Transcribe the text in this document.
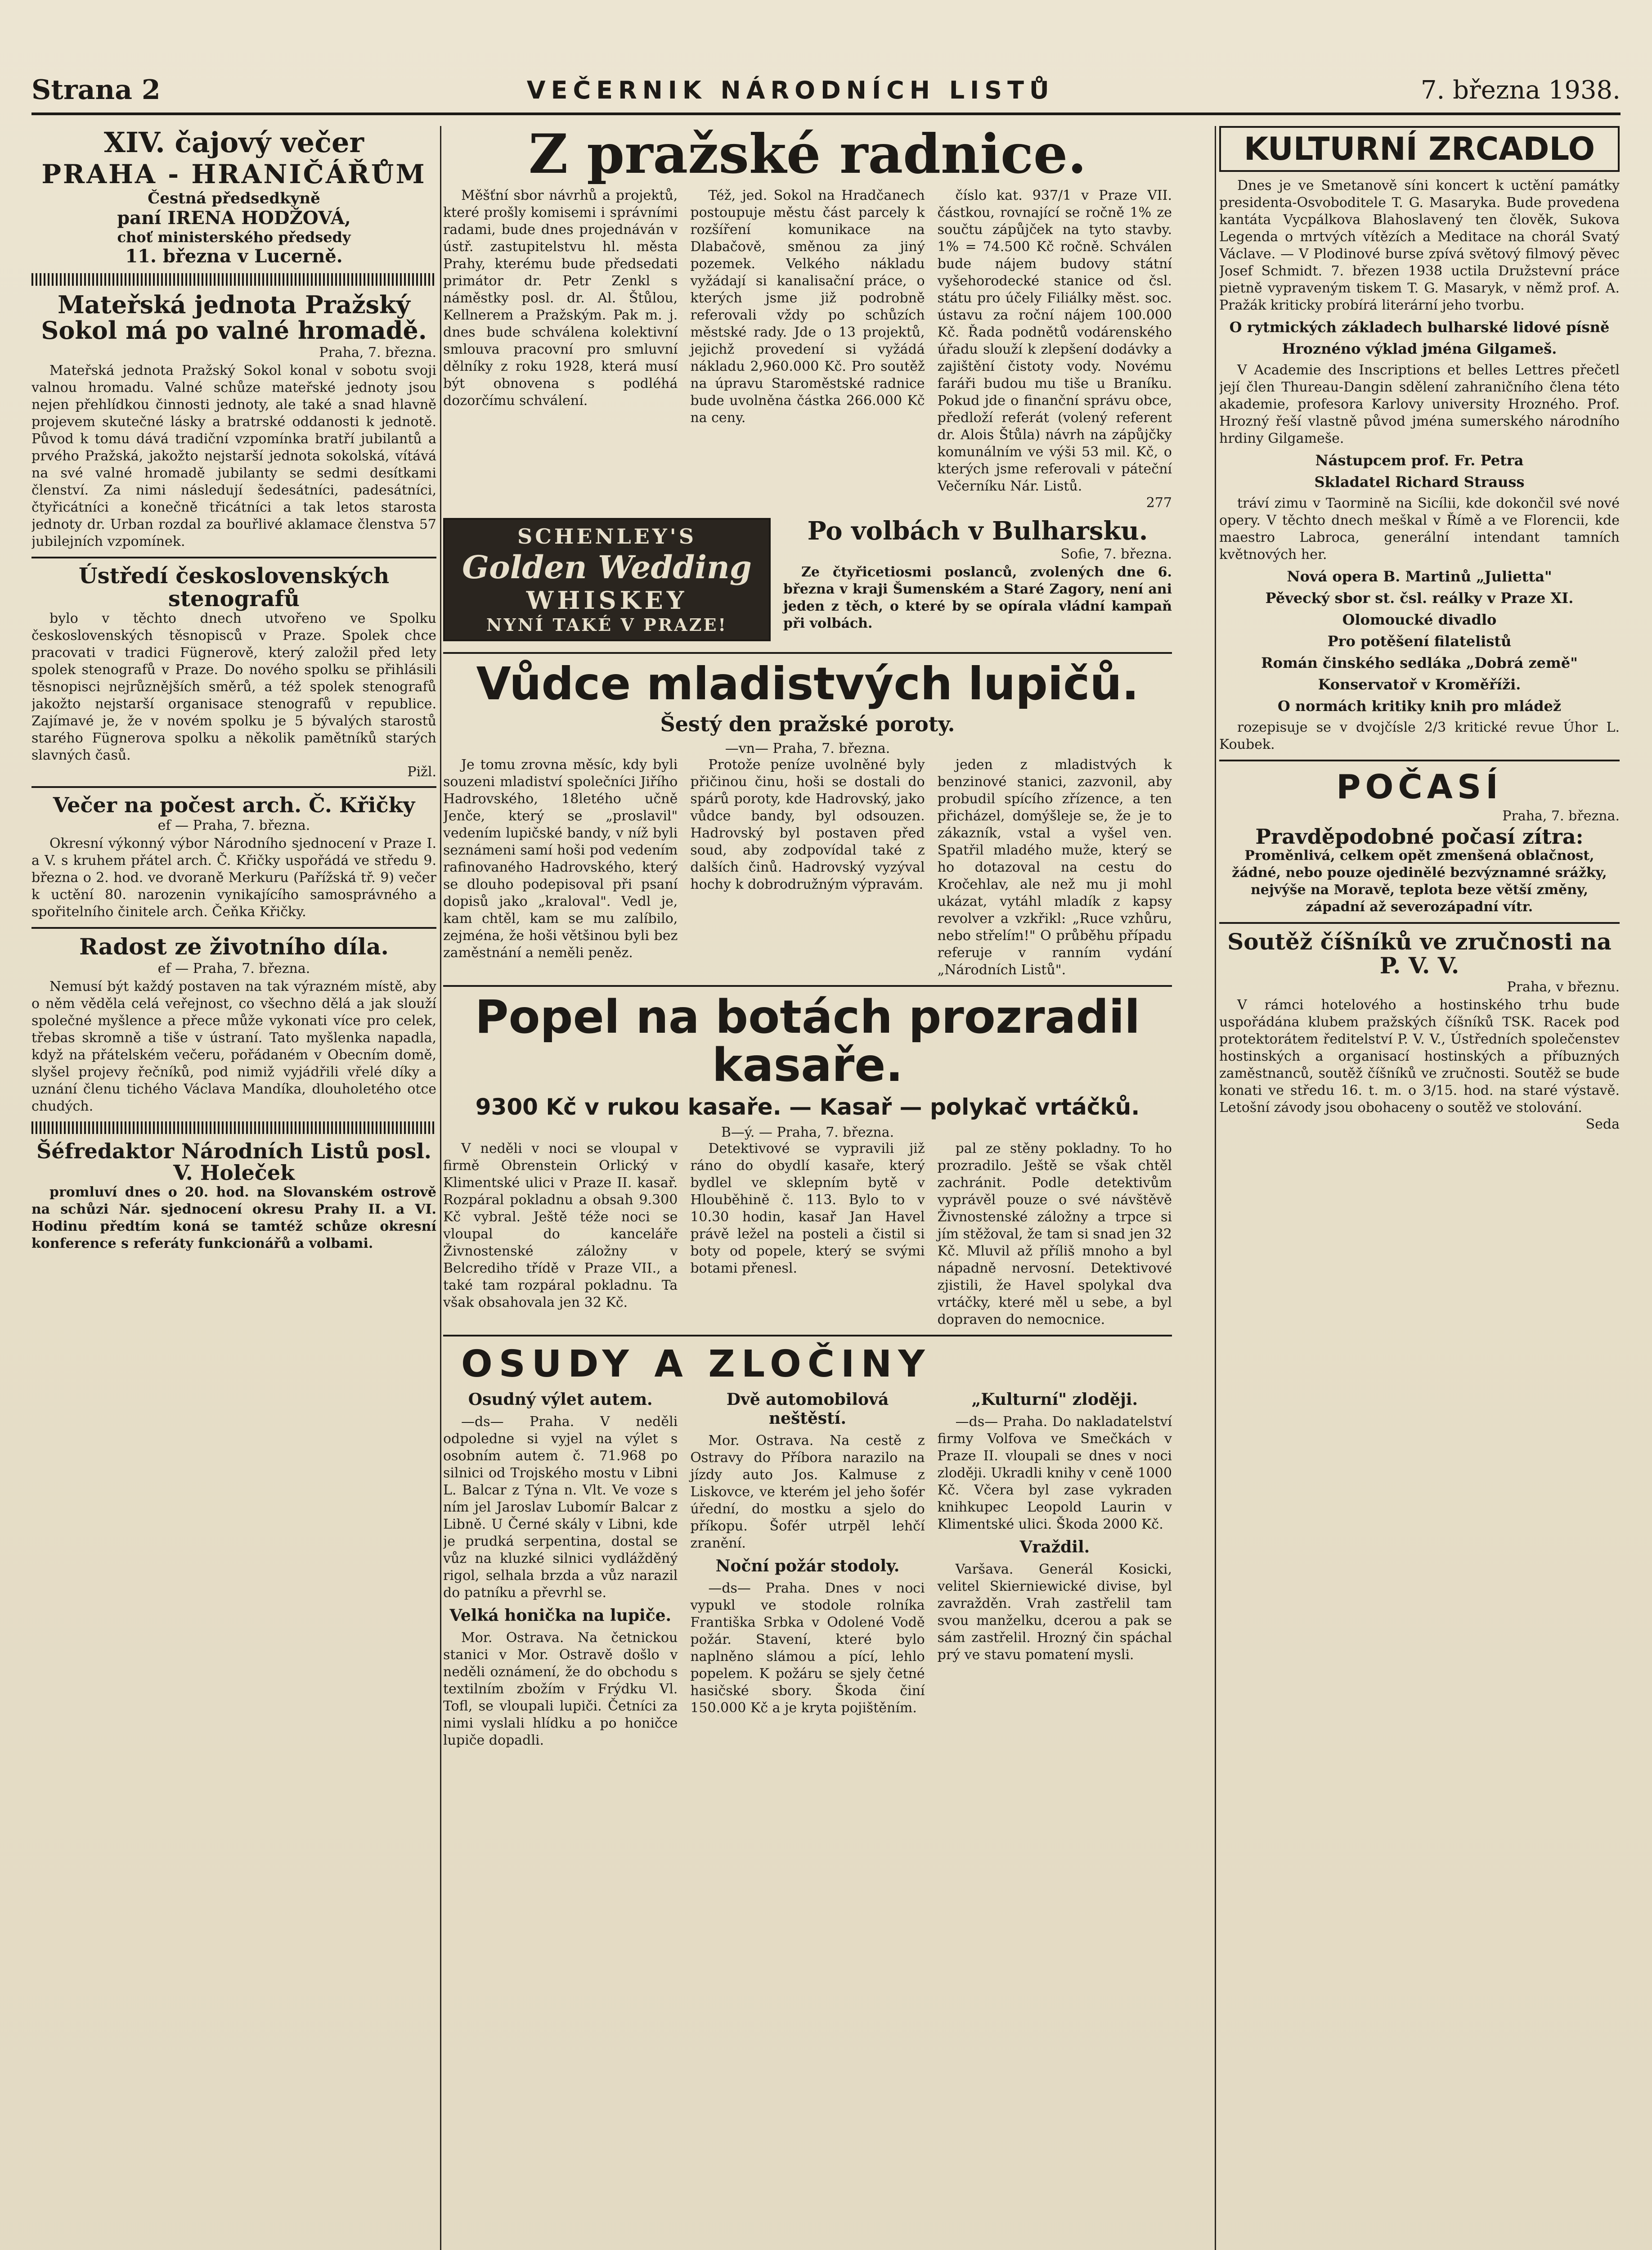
Strana 2	VEČERNIK NÁRODNÍCH LISTŮ	7. března 1938.
XIV. čajový večer
PRAHA - HRANIČÁŘŮM
Čestná předsedkyně
paní IRENA HODŽOVÁ,
choť ministerského předsedy
11. března v Lucerně.
Mateřská jednota Pražský Sokol má po valné hromadě.
Praha, 7. března.

Mateřská jednota Pražský Sokol konal v sobotu svoji valnou hromadu. Valné schůze mateřské jednoty jsou nejen přehlídkou činnosti jednoty, ale také a snad hlavně projevem skutečné lásky a bratrské oddanosti k jednotě. Původ k tomu dává tradiční vzpomínka bratří jubilantů a prvého Pražská, jakožto nejstarší jednota sokolská, vítává na své valné hromadě jubilanty se sedmi desítkami členství. Za nimi následují šedesátníci, padesátníci, čtyřicátníci a konečně třicátníci a tak letos starosta jednoty dr. Urban rozdal za bouřlivé aklamace členstva 57 jubilejních vzpomínek.

Ústředí československých stenografů

bylo v těchto dnech utvořeno ve Spolku československých těsnopisců v Praze. Spolek chce pracovati v tradici Fügnerově, který založil před lety spolek stenografů v Praze. Do nového spolku se přihlásili těsnopisci nejrůznějších směrů, a též spolek stenografů jakožto nejstarší organisace stenografů v republice. Zajímavé je, že v novém spolku je 5 bývalých starostů starého Fügnerova spolku a několik pamětníků starých slavných časů.

Pižl.
Večer na počest arch. Č. Křičky
ef — Praha, 7. března.

Okresní výkonný výbor Národního sjednocení v Praze I. a V. s kruhem přátel arch. Č. Křičky uspořádá ve středu 9. března o 2. hod. ve dvoraně Merkuru (Pařížská tř. 9) večer k uctění 80. narozenin vynikajícího samosprávného a spořitelního činitele arch. Čeňka Křičky.

Radost ze životního díla.
ef — Praha, 7. března.

Nemusí být každý postaven na tak výrazném místě, aby o něm věděla celá veřejnost, co všechno dělá a jak slouží společné myšlence a přece může vykonati více pro celek, třebas skromně a tiše v ústraní. Tato myšlenka napadla, když na přátelském večeru, pořádaném v Obecním domě, slyšel projevy řečníků, pod nimiž vyjádřili vřelé díky a uznání členu tichého Václava Mandíka, dlouholetého otce chudých.

Šéfredaktor Národních Listů posl. V. Holeček

promluví dnes o 20. hod. na Slovanském ostrově na schůzi Nár. sjednocení okresu Prahy II. a VI. Hodinu předtím koná se tamtéž schůze okresní konference s referáty funkcionářů a volbami.

Z pražské radnice.

Měšťní sbor návrhů a projektů, které prošly komisemi i správními radami, bude dnes projednáván v ústř. zastupitelstvu hl. města Prahy, kterému bude předsedati primátor dr. Petr Zenkl s náměstky posl. dr. Al. Štůlou, Kellnerem a Pražským. Pak m. j. dnes bude schválena kolektivní smlouva pracovní pro smluvní dělníky z roku 1928, která musí být obnovena s podléhá dozorčímu schválení.

Též, jed. Sokol na Hradčanech postoupuje městu část parcely k rozšíření komunikace na Dlabačově, směnou za jiný pozemek. Velkého nákladu vyžádají si kanalisační práce, o kterých jsme již podrobně referovali vždy po schůzích městské rady. Jde o 13 projektů, jejichž provedení si vyžádá nákladu 2,960.000 Kč. Pro soutěž na úpravu Staroměstské radnice bude uvolněna částka 266.000 Kč na ceny.

číslo kat. 937/1 v Praze VII. částkou, rovnající se ročně 1% ze součtu zápůjček na tyto stavby. 1% = 74.500 Kč ročně. Schválen bude nájem budovy státní vyšehorodecké stanice od čsl. státu pro účely Filiálky měst. soc. ústavu za roční nájem 100.000 Kč. Řada podnětů vodárenského úřadu slouží k zlepšení dodávky a zajištění čistoty vody. Novému faráři budou mu tiše u Braníku. Pokud jde o finanční správu obce, předloží referát (volený referent dr. Alois Štůla) návrh na zápůjčky komunálním ve výši 53 mil. Kč, o kterých jsme referovali v páteční Večerníku Nár. Listů.

277
SCHENLEY'S
Golden Wedding
WHISKEY
NYNÍ TAKÉ V PRAZE!
Po volbách v Bulharsku.
Sofie, 7. března.

Ze čtyřicetiosmi poslanců, zvolených dne 6. března v kraji Šumenském a Staré Zagory, není ani jeden z těch, o které by se opírala vládní kampaň při volbách.

Vůdce mladistvých lupičů.
Šestý den pražské poroty.
—vn— Praha, 7. března.

Je tomu zrovna měsíc, kdy byli souzeni mladiství společníci Jiřího Hadrovského, 18letého učně Jenče, který se „proslavil" vedením lupičské bandy, v níž byli seznámeni samí hoši pod vedením rafinovaného Hadrovského, který se dlouho podepisoval při psaní dopisů jako „kraloval". Vedl je, kam chtěl, kam se mu zalíbilo, zejména, že hoši většinou byli bez zaměstnání a neměli peněz.

Protože peníze uvolněné byly přičinou činu, hoši se dostali do spárů poroty, kde Hadrovský, jako vůdce bandy, byl odsouzen. Hadrovský byl postaven před soud, aby zodpovídal také z dalších činů. Hadrovský vyzýval hochy k dobrodružným výpravám.

jeden z mladistvých k benzinové stanici, zazvonil, aby probudil spícího zřízence, a ten přicházel, domýšleje se, že je to zákazník, vstal a vyšel ven. Spatřil mladého muže, který se ho dotazoval na cestu do Kročehlav, ale než mu ji mohl ukázat, vytáhl mladík z kapsy revolver a vzkřikl: „Ruce vzhůru, nebo střelím!" O průběhu případu referuje v ranním vydání „Národních Listů".

Popel na botách prozradil kasaře.
9300 Kč v rukou kasaře. — Kasař — polykač vrtáčků.
B—ý. — Praha, 7. března.

V neděli v noci se vloupal v firmě Obrenstein Orlický v Klimentské ulici v Praze II. kasař. Rozpáral pokladnu a obsah 9.300 Kč vybral. Ještě téže noci se vloupal do kanceláře Živnostenské záložny v Belcrediho třídě v Praze VII., a také tam rozpáral pokladnu. Ta však obsahovala jen 32 Kč.

Detektivové se vypravili již ráno do obydlí kasaře, který bydlel ve sklepním bytě v Hlouběhině č. 113. Bylo to v 10.30 hodin, kasař Jan Havel právě ležel na posteli a čistil si boty od popele, který se svými botami přenesl.

pal ze stěny pokladny. To ho prozradilo. Ještě se však chtěl zachránit. Podle detektivům vyprávěl pouze o své návštěvě Živnostenské záložny a trpce si jím stěžoval, že tam si snad jen 32 Kč. Mluvil až příliš mnoho a byl nápadně nervosní. Detektivové zjistili, že Havel spolykal dva vrtáčky, které měl u sebe, a byl dopraven do nemocnice.

OSUDY A ZLOČINY
Osudný výlet autem.

—ds— Praha. V neděli odpoledne si vyjel na výlet s osobním autem č. 71.968 po silnici od Trojského mostu v Libni L. Balcar z Týna n. Vlt. Ve voze s ním jel Jaroslav Lubomír Balcar z Libně. U Černé skály v Libni, kde je prudká serpentina, dostal se vůz na kluzké silnici vydlážděný rigol, selhala brzda a vůz narazil do patníku a převrhl se.

Velká honička na lupiče.

Mor. Ostrava. Na četnickou stanici v Mor. Ostravě došlo v neděli oznámení, že do obchodu s textilním zbožím v Frýdku Vl. Tofl, se vloupali lupiči. Četníci za nimi vyslali hlídku a po honičce lupiče dopadli.

Dvě automobilová neštěstí.

Mor. Ostrava. Na cestě z Ostravy do Příbora narazilo na jízdy auto Jos. Kalmuse z Liskovce, ve kterém jel jeho šofér úřední, do mostku a sjelo do příkopu. Šofér utrpěl lehčí zranění.

Noční požár stodoly.

—ds— Praha. Dnes v noci vypukl ve stodole rolníka Františka Srbka v Odolené Vodě požár. Stavení, které bylo naplněno slámou a pící, lehlo popelem. K požáru se sjely četné hasičské sbory. Škoda činí 150.000 Kč a je kryta pojištěním.

„Kulturní" zloději.

—ds— Praha. Do nakladatelství firmy Volfova ve Smečkách v Praze II. vloupali se dnes v noci zloději. Ukradli knihy v ceně 1000 Kč. Včera byl zase vykraden knihkupec Leopold Laurin v Klimentské ulici. Škoda 2000 Kč.

Vraždil.

Varšava. Generál Kosicki, velitel Skierniewické divise, byl zavražděn. Vrah zastřelil tam svou manželku, dcerou a pak se sám zastřelil. Hrozný čin spáchal prý ve stavu pomatení mysli.

KULTURNÍ ZRCADLO

Dnes je ve Smetanově síni koncert k uctění památky presidenta-Osvoboditele T. G. Masaryka. Bude provedena kantáta Vycpálkova Blahoslavený ten člověk, Sukova Legenda o mrtvých vítězích a Meditace na chorál Svatý Václave. — V Plodinové burse zpívá světový filmový pěvec Josef Schmidt. 7. březen 1938 uctila Družstevní práce pietně vypraveným tiskem T. G. Masaryk, v němž prof. A. Pražák kriticky probírá literární jeho tvorbu.

O rytmických základech bulharské lidové písně
Hroznéno výklad jména Gilgameš.

V Academie des Inscriptions et belles Lettres přečetl její člen Thureau-Dangin sdělení zahraničního člena této akademie, profesora Karlovy university Hrozného. Prof. Hrozný řeší vlastně původ jména sumerského národního hrdiny Gilgameše.

Nástupcem prof. Fr. Petra
Skladatel Richard Strauss

tráví zimu v Taormině na Sicílii, kde dokončil své nové opery. V těchto dnech meškal v Římě a ve Florencii, kde maestro Labroca, generální intendant tamních květnových her.

Nová opera B. Martinů „Julietta"
Pěvecký sbor st. čsl. reálky v Praze XI.
Olomoucké divadlo
Pro potěšení filatelistů
Román činského sedláka „Dobrá země"
Konservatoř v Kroměříži.
O normách kritiky knih pro mládež

rozepisuje se v dvojčísle 2/3 kritické revue Úhor L. Koubek.

POČASÍ
Praha, 7. března.
Pravděpodobné počasí zítra:

Proměnlivá, celkem opět zmenšená oblačnost, žádné, nebo pouze ojedinělé bezvýznamné srážky, nejvýše na Moravě, teplota beze větší změny, západní až severozápadní vítr.

Soutěž číšníků ve zručnosti na P. V. V.
Praha, v březnu.

V rámci hotelového a hostinského trhu bude uspořádána klubem pražských číšníků TSK. Racek pod protektorátem ředitelství P. V. V., Ústředních společenstev hostinských a organisací hostinských a příbuzných zaměstnanců, soutěž číšníků ve zručnosti. Soutěž se bude konati ve středu 16. t. m. o 3/15. hod. na staré výstavě. Letošní závody jsou obohaceny o soutěž ve stolování.

Seda
